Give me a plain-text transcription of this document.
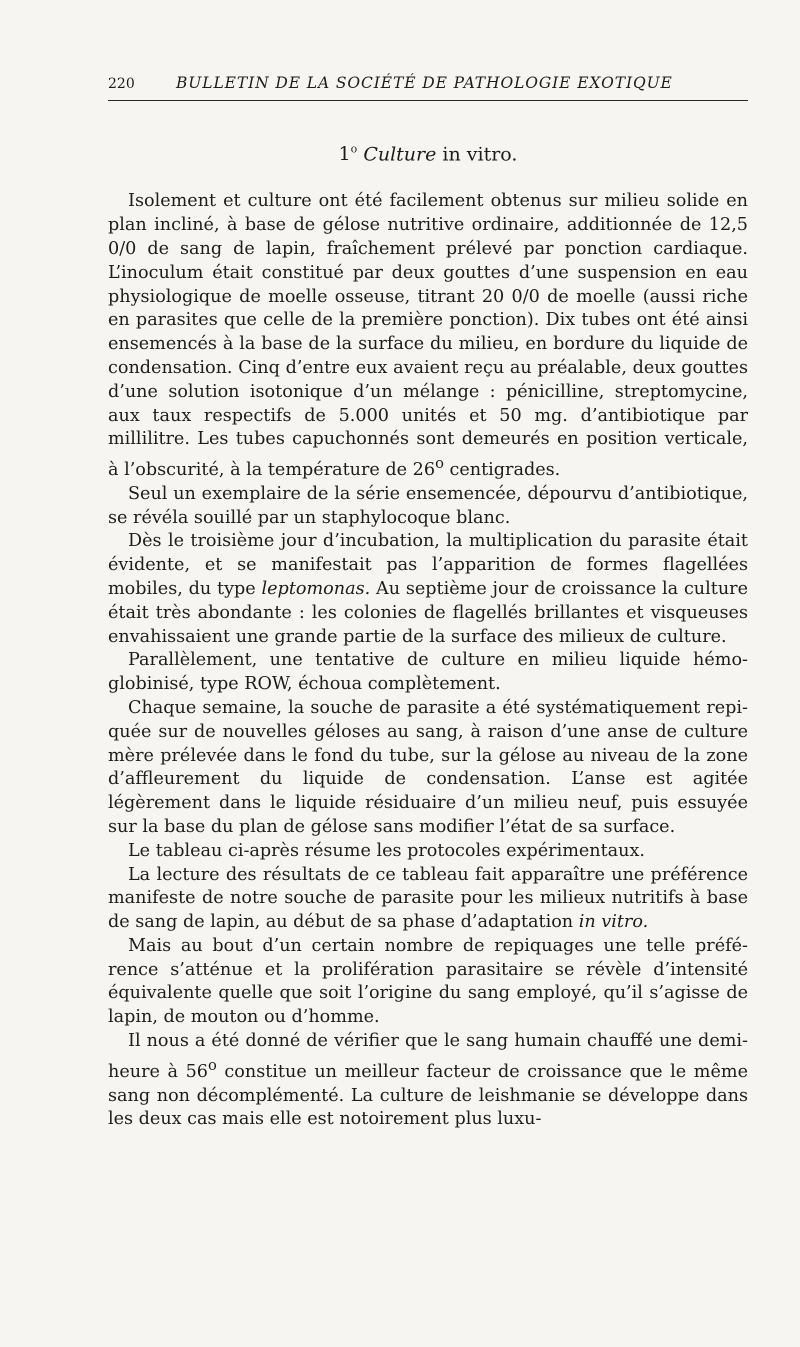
220	BULLETIN DE LA SOCIÉTÉ DE PATHOLOGIE EXOTIQUE
1$^o$ Culture in vitro.

Isolement et culture ont été facilement obtenus sur milieu solide en plan incliné, à base de gélose nutritive ordinaire, additionnée de 12,5 0/0 de sang de lapin, fraîchement prélevé par ponction cardiaque. L’inoculum était constitué par deux gouttes d’une suspension en eau physiologique de moelle osseuse, titrant 20 0/0 de moelle (aussi riche en parasites que celle de la première ponction). Dix tubes ont été ainsi ensemencés à la base de la surface du milieu, en bordure du liquide de condensation. Cinq d’entre eux avaient reçu au préalable, deux gouttes d’une solution isotonique d’un mélange : pénicilline, streptomycine, aux taux respectifs de 5.000 unités et 50 mg. d’antibiotique par millilitre. Les tubes capuchonnés sont demeurés en position verticale, à l’obscurité, à la température de 26$^o$ centigrades.

Seul un exemplaire de la série ensemencée, dépourvu d’antibiotique, se révéla souillé par un staphylocoque blanc.

Dès le troisième jour d’incubation, la multiplication du parasite était évidente, et se manifestait pas l’apparition de formes flagellées mobiles, du type leptomonas. Au septième jour de croissance la culture était très abondante : les colonies de flagellés brillantes et visqueuses envahissaient une grande partie de la surface des milieux de culture.

Parallèlement, une tentative de culture en milieu liquide hémoglobinisé, type ROW, échoua complètement.

Chaque semaine, la souche de parasite a été systématiquement repiquée sur de nouvelles géloses au sang, à raison d’une anse de culture mère prélevée dans le fond du tube, sur la gélose au niveau de la zone d’affleurement du liquide de condensation. L’anse est agitée légèrement dans le liquide résiduaire d’un milieu neuf, puis essuyée sur la base du plan de gélose sans modifier l’état de sa surface.

Le tableau ci-après résume les protocoles expérimentaux.

La lecture des résultats de ce tableau fait apparaître une préférence manifeste de notre souche de parasite pour les milieux nutritifs à base de sang de lapin, au début de sa phase d’adaptation in vitro.

Mais au bout d’un certain nombre de repiquages une telle préférence s’atténue et la prolifération parasitaire se révèle d’intensité équivalente quelle que soit l’origine du sang employé, qu’il s’agisse de lapin, de mouton ou d’homme.

Il nous a été donné de vérifier que le sang humain chauffé une demi-heure à 56$^o$ constitue un meilleur facteur de croissance que le même sang non décomplémenté. La culture de leishmanie se développe dans les deux cas mais elle est notoirement plus luxu-
